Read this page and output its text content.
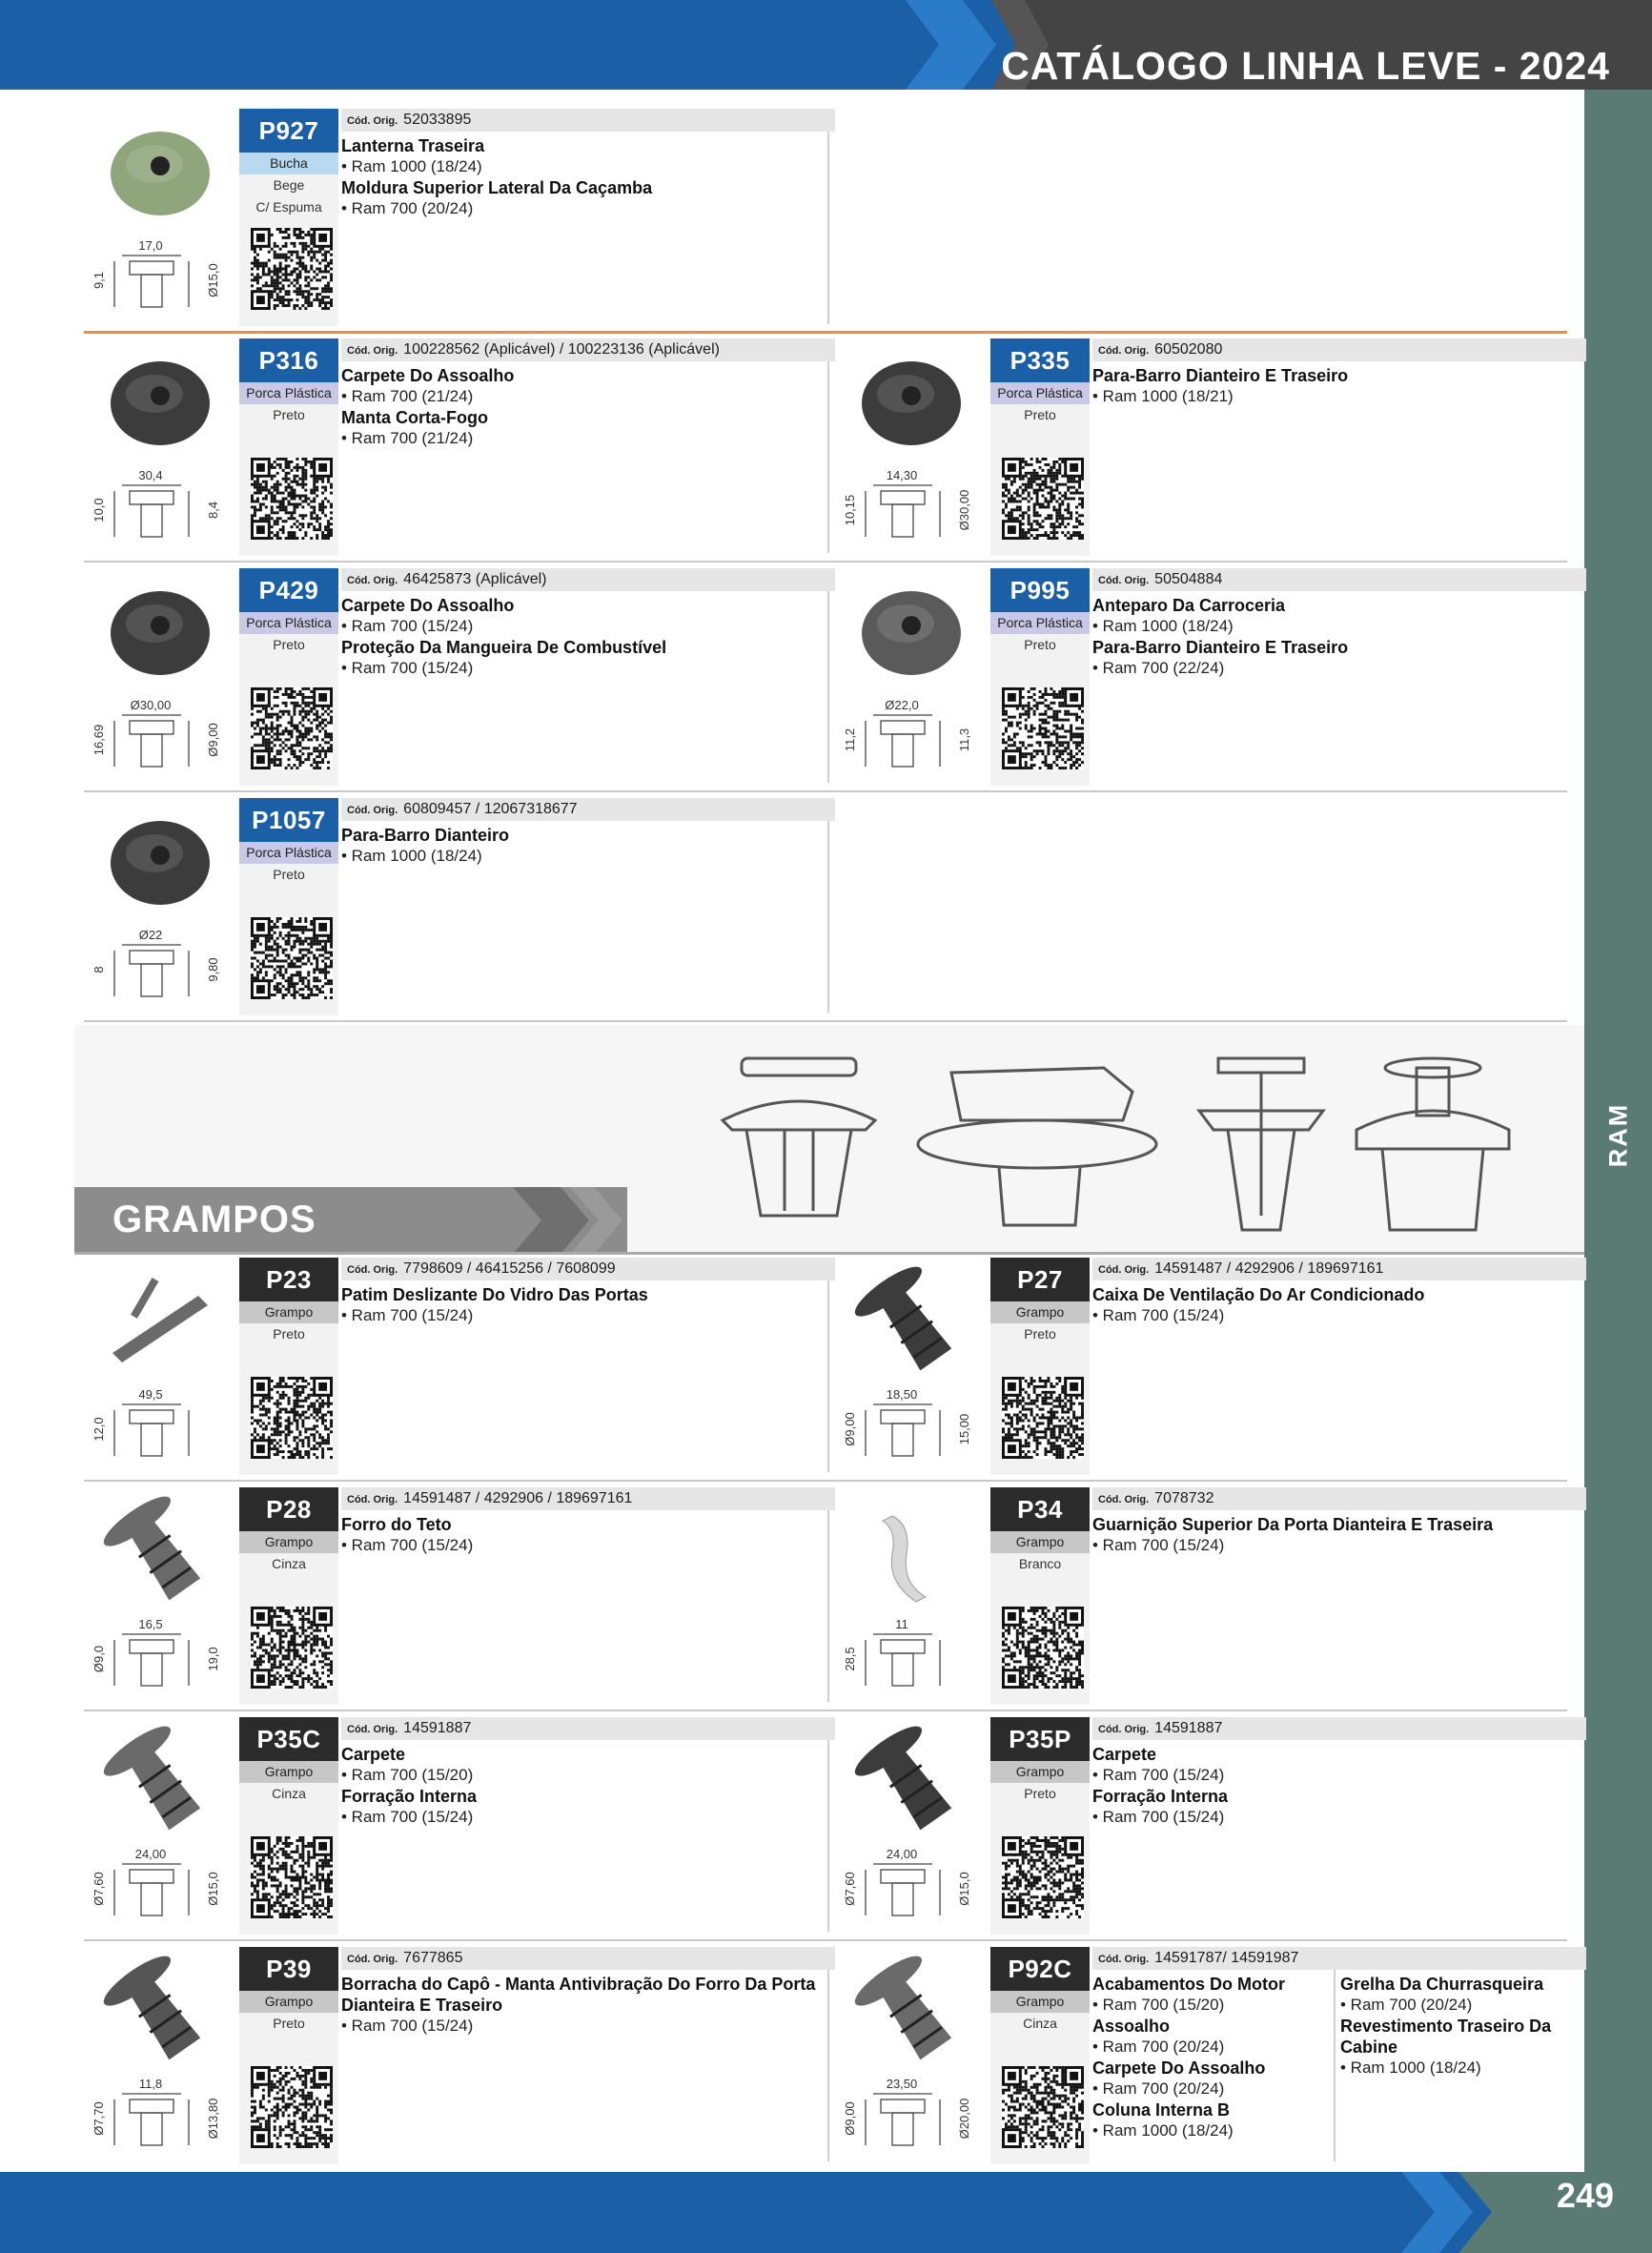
CATÁLOGO LINHA LEVE - 2024
RAM
17,0
9,1	Ø15,0
P927
Bucha
Bege
C/ Espuma
Cód. Orig. 52033895
Lanterna Traseira
• Ram 1000 (18/24)
Moldura Superior Lateral Da Caçamba
• Ram 700 (20/24)
30,4
10,0	8,4
P316
Porca Plástica
Preto
Cód. Orig. 100228562 (Aplicável) / 100223136 (Aplicável)
Carpete Do Assoalho
• Ram 700 (21/24)
Manta Corta-Fogo
• Ram 700 (21/24)
14,30
10,15	Ø30,00
P335
Porca Plástica
Preto
Cód. Orig. 60502080
Para-Barro Dianteiro E Traseiro
• Ram 1000 (18/21)
Ø30,00
16,69	Ø9,00
P429
Porca Plástica
Preto
Cód. Orig. 46425873 (Aplicável)
Carpete Do Assoalho
• Ram 700 (15/24)
Proteção Da Mangueira De Combustível
• Ram 700 (15/24)
Ø22,0
11,2	11,3
P995
Porca Plástica
Preto
Cód. Orig. 50504884
Anteparo Da Carroceria
• Ram 1000 (18/24)
Para-Barro Dianteiro E Traseiro
• Ram 700 (22/24)
Ø22
8	9,80
P1057
Porca Plástica
Preto
Cód. Orig. 60809457 / 12067318677
Para-Barro Dianteiro
• Ram 1000 (18/24)
GRAMPOS
49,5
12,0
P23
Grampo
Preto
Cód. Orig. 7798609 / 46415256 / 7608099
Patim Deslizante Do Vidro Das Portas
• Ram 700 (15/24)
18,50
Ø9,00	15,00
P27
Grampo
Preto
Cód. Orig. 14591487 / 4292906 / 189697161
Caixa De Ventilação Do Ar Condicionado
• Ram 700 (15/24)
16,5
Ø9,0	19,0
P28
Grampo
Cinza
Cód. Orig. 14591487 / 4292906 / 189697161
Forro do Teto
• Ram 700 (15/24)
11
28,5
P34
Grampo
Branco
Cód. Orig. 7078732
Guarnição Superior Da Porta Dianteira E Traseira
• Ram 700 (15/24)
24,00
Ø7,60	Ø15,0
P35C
Grampo
Cinza
Cód. Orig. 14591887
Carpete
• Ram 700 (15/20)
Forração Interna
• Ram 700 (15/24)
24,00
Ø7,60	Ø15,0
P35P
Grampo
Preto
Cód. Orig. 14591887
Carpete
• Ram 700 (15/24)
Forração Interna
• Ram 700 (15/24)
11,8
Ø7,70	Ø13,80
P39
Grampo
Preto
Cód. Orig. 7677865
Borracha do Capô - Manta Antivibração Do Forro Da Porta Dianteira E Traseiro
• Ram 700 (15/24)
23,50
Ø9,00	Ø20,00
P92C
Grampo
Cinza
Cód. Orig. 14591787/ 14591987
Acabamentos Do Motor
• Ram 700 (15/20)
Assoalho
• Ram 700 (20/24)
Carpete Do Assoalho
• Ram 700 (20/24)
Coluna Interna B
• Ram 1000 (18/24)
Grelha Da Churrasqueira
• Ram 700 (20/24)
Revestimento Traseiro Da Cabine
• Ram 1000 (18/24)
249
